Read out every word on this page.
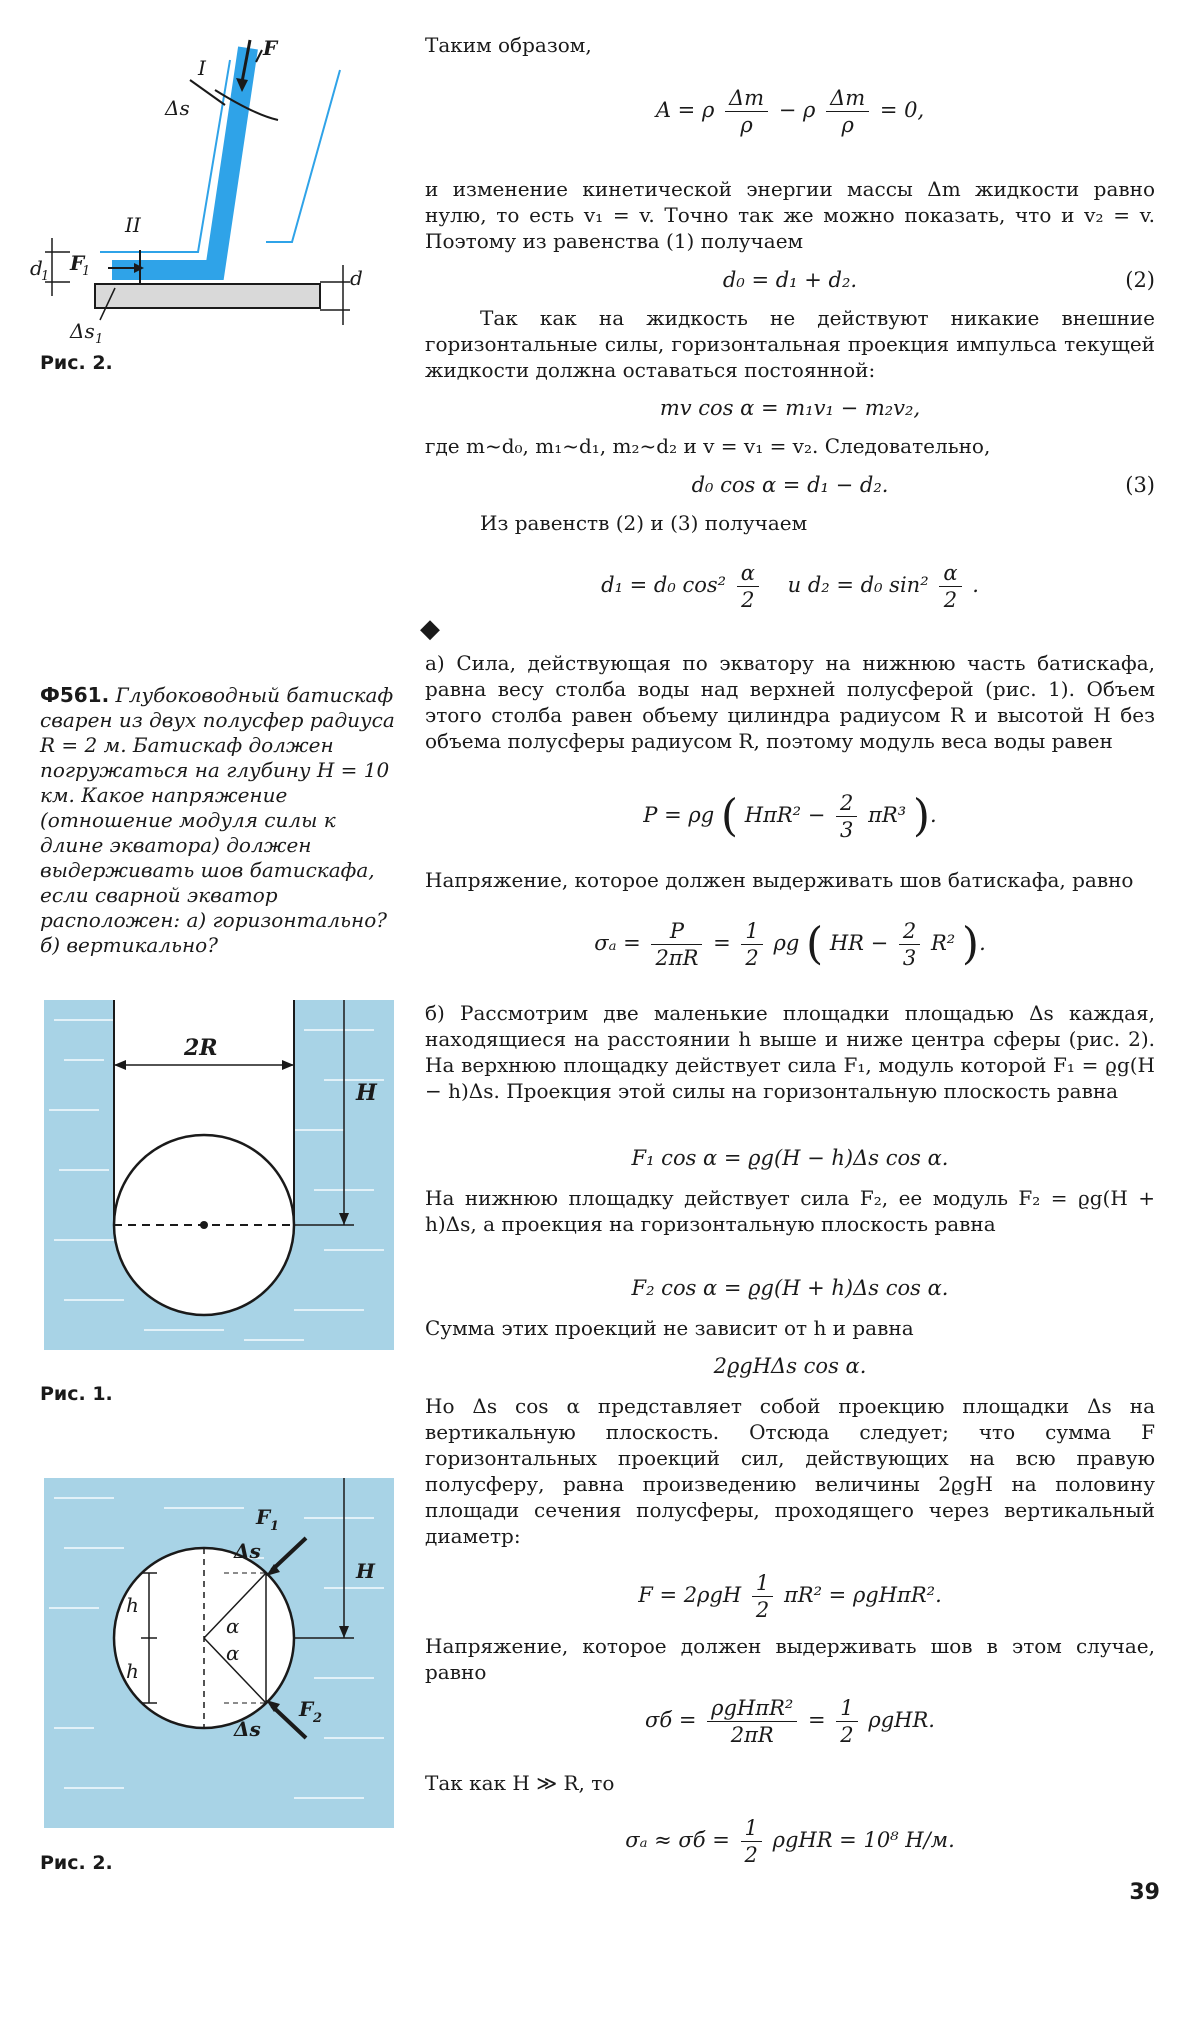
I
F
Δs
II
d
1
F
1
Δs 1
d
Рис. 2.
Ф561. Глубоководный батискаф сварен из двух полусфер радиуса R = 2 м. Батискаф должен погружаться на глубину H = 10 км. Какое напряжение (отношение модуля силы к длине экватора) должен выдерживать шов батискафа, если сварной экватор расположен: а) горизонтально? б) вертикально?
2R
H
Рис. 1.
H
Δs
F 1
Δs
F 2
h
h
α
α
Рис. 2.
Таким образом,
A = ρ $\frac{\Delta m}{\rho} - \rho \frac{\Delta m}{\rho} = 0$,
и изменение кинетической энергии массы Δm жидкости равно нулю, то есть v₁ = v. Точно так же можно показать, что и v₂ = v. Поэтому из равенства (1) получаем
d₀ = d₁ + d₂.	(2)
Так как на жидкость не действуют никакие внешние горизонтальные силы, горизонтальная проекция импульса текущей жидкости должна оставаться постоянной:
mv cos α = m₁v₁ − m₂v₂,
где m~d₀, m₁~d₁, m₂~d₂ и v = v₁ = v₂. Следовательно,
d₀ cos α = d₁ − d₂.	(3)
Из равенств (2) и (3) получаем
d₁ = d₀ $\cos^2 \frac{\alpha}{2}$ и d₂ = d₀ $\sin^2 \frac{\alpha}{2}$ .
◆
а) Сила, действующая по экватору на нижнюю часть батискафа, равна весу столба воды над верхней полусферой (рис. 1). Объем этого столба равен объему цилиндра радиусом R и высотой H без объема полусферы радиусом R, поэтому модуль веса воды равен
P = ρg ( $H\pi R^2 - \frac{2}{3} \pi R^3$ ).
Напряжение, которое должен выдерживать шов батискафа, равно
$\sigma_a = \frac{P}{2\pi R} = \frac{1}{2}$ ρg ( HR − $\frac{2}{3} R^2$ ).
б) Рассмотрим две маленькие площадки площадью Δs каждая, находящиеся на расстоянии h выше и ниже центра сферы (рис. 2). На верхнюю площадку действует сила F₁, модуль которой F₁ = ϱg(H − h)Δs. Проекция этой силы на горизонтальную плоскость равна
F₁ cos α = ϱg(H − h)Δs cos α.
На нижнюю площадку действует сила F₂, ее модуль F₂ = ϱg(H + h)Δs, а проекция на горизонтальную плоскость равна
F₂ cos α = ϱg(H + h)Δs cos α.
Сумма этих проекций не зависит от h и равна
2ϱgHΔs cos α.
Но Δs cos α представляет собой проекцию площадки Δs на вертикальную плоскость. Отсюда следует; что сумма F горизонтальных проекций сил, действующих на всю правую полусферу, равна произведению величины 2ϱgH на половину площади сечения полусферы, проходящего через вертикальный диаметр:
$F = 2\rho gH \frac{1}{2} \pi R^2 = \rho gH\pi R^2$.
Напряжение, которое должен выдерживать шов в этом случае, равно
$\sigma б = \frac{\text{ρgHπR²}}{2\pi R} = \frac{1}{2} \rho gHR$.
Так как H ≫ R, то
$\sigma_a \approx \sigma б = \frac{1}{2}$ ρgHR = 10⁸ Н/м.
39
